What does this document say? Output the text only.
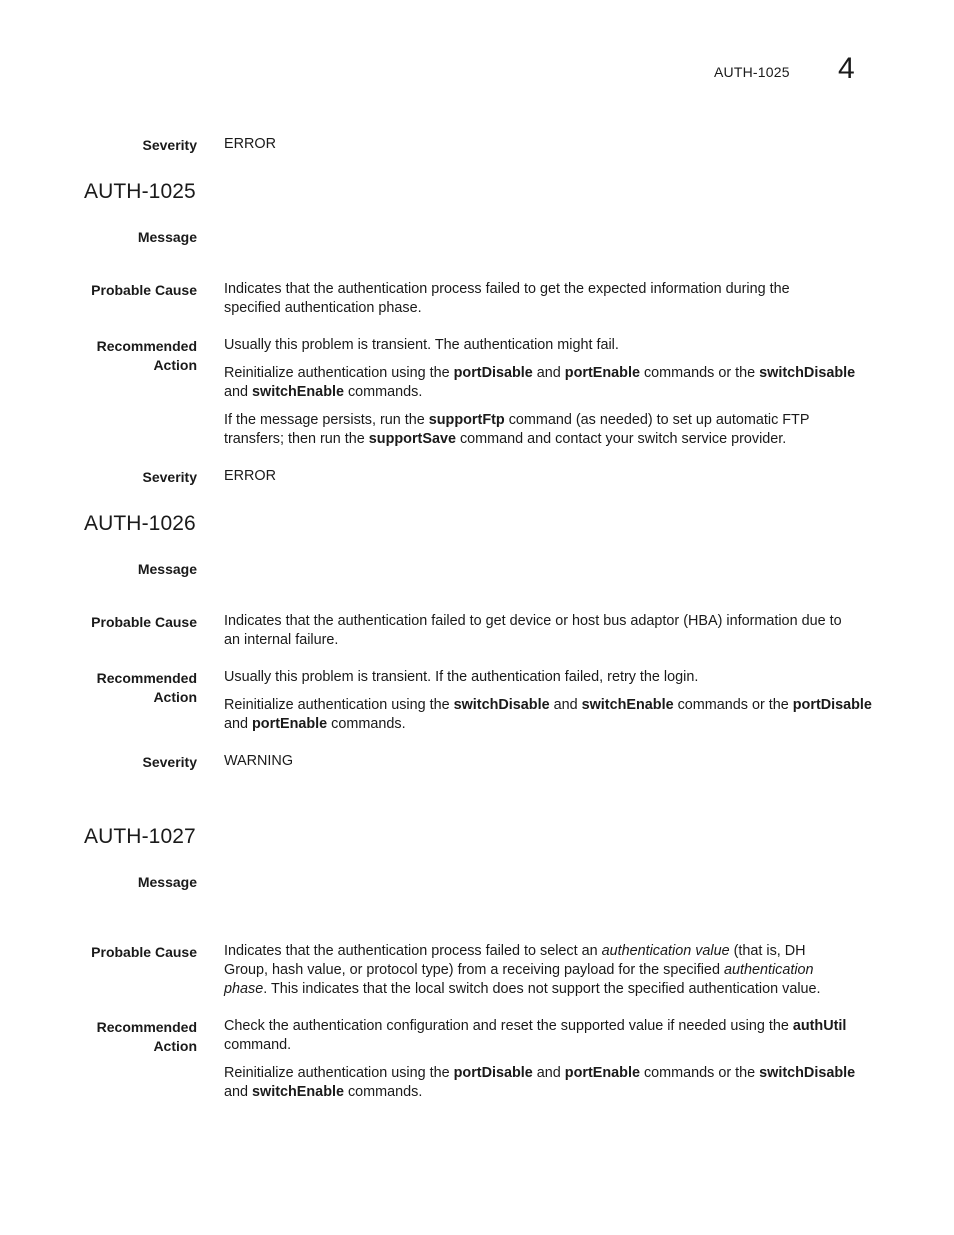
AUTH-1025 4
Severity ERROR
AUTH-1025
Message
Probable Cause Indicates that the authentication process failed to get the expected information during the
specified authentication phase.
Recommended
Action

Usually this problem is transient. The authentication might fail.

Reinitialize authentication using the portDisable and portEnable commands or the switchDisable
and switchEnable commands.

If the message persists, run the supportFtp command (as needed) to set up automatic FTP
transfers; then run the supportSave command and contact your switch service provider.

Severity ERROR
AUTH-1026
Message
Probable Cause Indicates that the authentication failed to get device or host bus adaptor (HBA) information due to
an internal failure.
Recommended
Action

Usually this problem is transient. If the authentication failed, retry the login.

Reinitialize authentication using the switchDisable and switchEnable commands or the portDisable
and portEnable commands.

Severity WARNING
AUTH-1027
Message
Probable Cause Indicates that the authentication process failed to select an authentication value (that is, DH
Group, hash value, or protocol type) from a receiving payload for the specified authentication
phase. This indicates that the local switch does not support the specified authentication value.
Recommended
Action

Check the authentication configuration and reset the supported value if needed using the authUtil
command.

Reinitialize authentication using the portDisable and portEnable commands or the switchDisable
and switchEnable commands.
